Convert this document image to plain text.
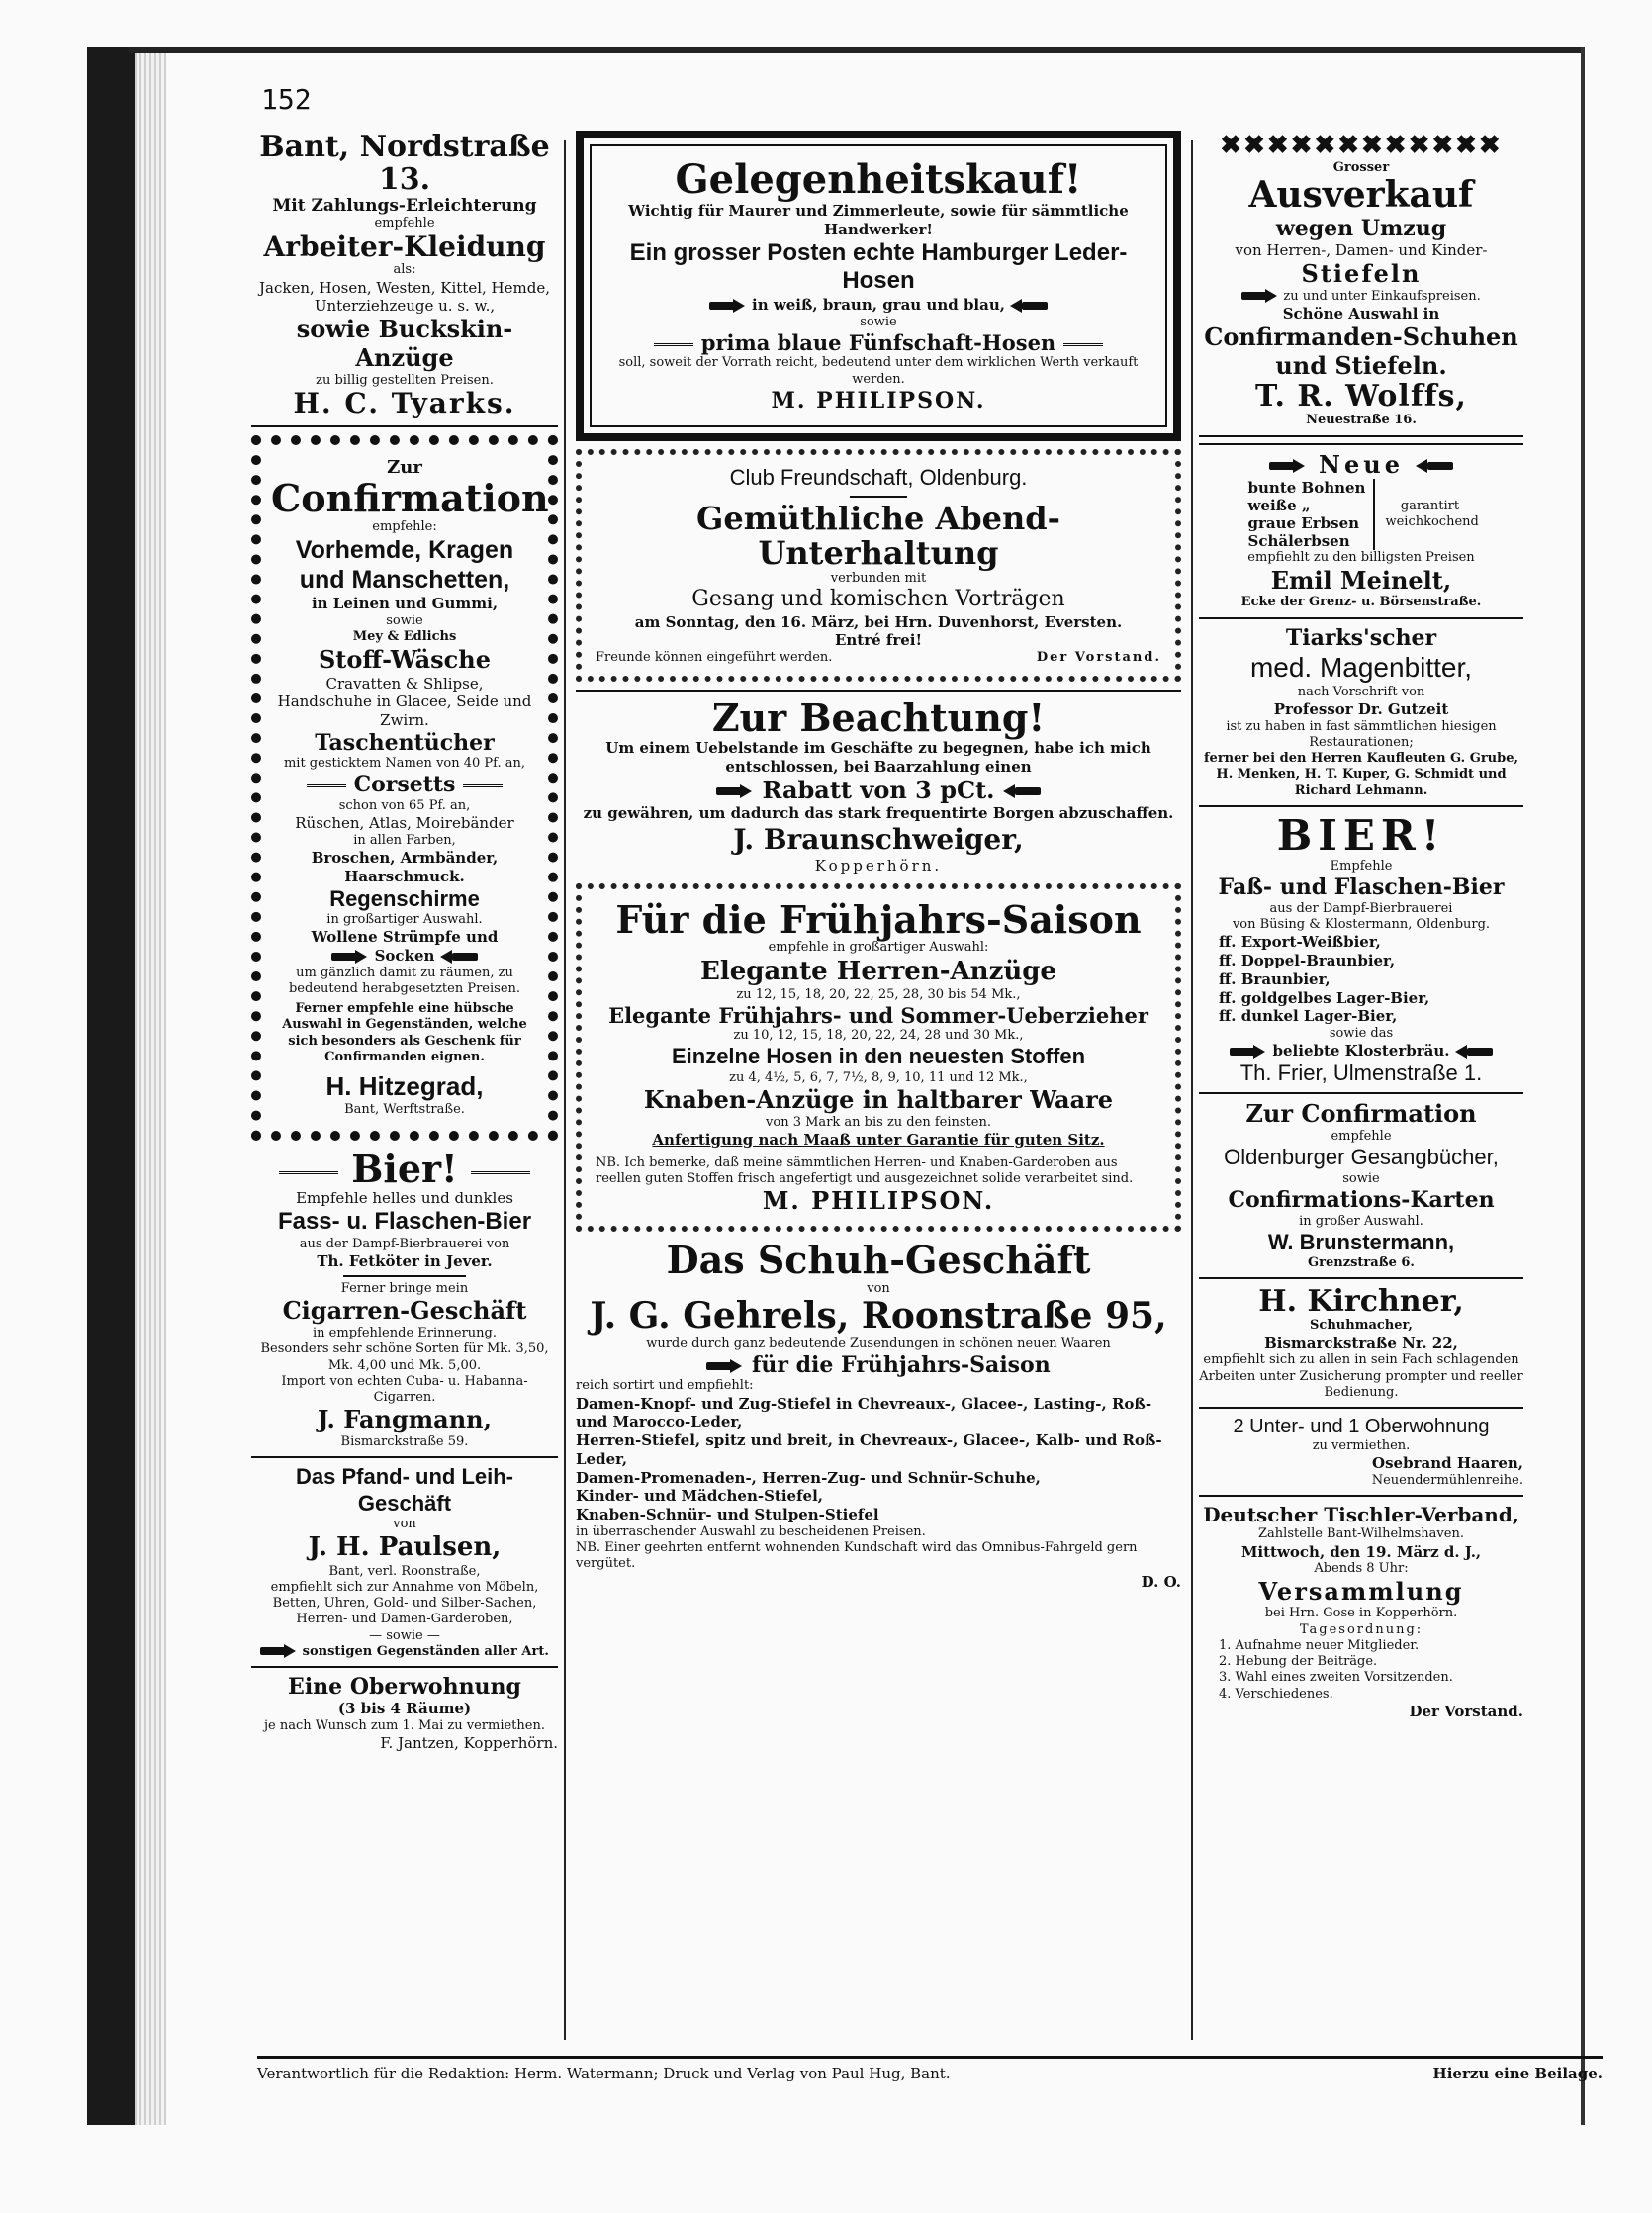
152
Bant, Nordstraße 13.
Mit Zahlungs-Erleichterung
empfehle
Arbeiter-Kleidung
als:
Jacken, Hosen, Westen, Kittel, Hemde,
Unterziehzeuge u. s. w.,
sowie Buckskin-Anzüge
zu billig gestellten Preisen.
H. C. Tyarks.
Zur
Confirmation
empfehle:
Vorhemde, Kragen und Manschetten,
in Leinen und Gummi,
sowie
Mey & Edlichs
Stoff-Wäsche
Cravatten & Shlipse,
Handschuhe in Glacee, Seide und Zwirn.
Taschentücher
mit gesticktem Namen von 40 Pf. an,
Corsetts
schon von 65 Pf. an,
Rüschen, Atlas, Moirebänder
in allen Farben,
Broschen, Armbänder, Haarschmuck.
Regenschirme
in großartiger Auswahl.
Wollene Strümpfe und
Socken
um gänzlich damit zu räumen, zu bedeutend herabgesetzten Preisen.
Ferner empfehle eine hübsche Auswahl in Gegenständen, welche sich besonders als Geschenk für Confirmanden eignen.
H. Hitzegrad,
Bant, Werftstraße.
Bier!
Empfehle helles und dunkles
Fass- u. Flaschen-Bier
aus der Dampf-Bierbrauerei von
Th. Fetköter in Jever.
Ferner bringe mein
Cigarren-Geschäft
in empfehlende Erinnerung.
Besonders sehr schöne Sorten für Mk. 3,50, Mk. 4,00 und Mk. 5,00.
Import von echten Cuba- u. Habanna-Cigarren.
J. Fangmann,
Bismarckstraße 59.
Das Pfand- und Leih-Geschäft
von
J. H. Paulsen,
Bant, verl. Roonstraße,
empfiehlt sich zur Annahme von Möbeln, Betten, Uhren, Gold- und Silber-Sachen, Herren- und Damen-Garderoben,
— sowie —
sonstigen Gegenständen aller Art.
Eine Oberwohnung
(3 bis 4 Räume)
je nach Wunsch zum 1. Mai zu vermiethen.
F. Jantzen, Kopperhörn.
Gelegenheitskauf!
Wichtig für Maurer und Zimmerleute, sowie für sämmtliche Handwerker!
Ein grosser Posten echte Hamburger Leder-Hosen
in weiß, braun, grau und blau,
sowie
prima blaue Fünfschaft-Hosen
soll, soweit der Vorrath reicht, bedeutend unter dem wirklichen Werth verkauft werden.
M. PHILIPSON.
Club Freundschaft, Oldenburg.
Gemüthliche Abend-Unterhaltung
verbunden mit
Gesang und komischen Vorträgen
am Sonntag, den 16. März, bei Hrn. Duvenhorst, Eversten.
Entré frei!
Freunde können eingeführt werden.	Der Vorstand.
Zur Beachtung!
Um einem Uebelstande im Geschäfte zu begegnen, habe ich mich entschlossen, bei Baarzahlung einen
Rabatt von 3 pCt.
zu gewähren, um dadurch das stark frequentirte Borgen abzuschaffen.
J. Braunschweiger,
Kopperhörn.
Für die Frühjahrs-Saison
empfehle in großartiger Auswahl:
Elegante Herren-Anzüge
zu 12, 15, 18, 20, 22, 25, 28, 30 bis 54 Mk.,
Elegante Frühjahrs- und Sommer-Ueberzieher
zu 10, 12, 15, 18, 20, 22, 24, 28 und 30 Mk.,
Einzelne Hosen in den neuesten Stoffen
zu 4, 4½, 5, 6, 7, 7½, 8, 9, 10, 11 und 12 Mk.,
Knaben-Anzüge in haltbarer Waare
von 3 Mark an bis zu den feinsten.
Anfertigung nach Maaß unter Garantie für guten Sitz.
NB. Ich bemerke, daß meine sämmtlichen Herren- und Knaben-Garderoben aus reellen guten Stoffen frisch angefertigt und ausgezeichnet solide verarbeitet sind.
M. PHILIPSON.
Das Schuh-Geschäft
von
J. G. Gehrels, Roonstraße 95,
wurde durch ganz bedeutende Zusendungen in schönen neuen Waaren
für die Frühjahrs-Saison
reich sortirt und empfiehlt:
Damen-Knopf- und Zug-Stiefel in Chevreaux-, Glacee-, Lasting-, Roß- und Marocco-Leder,
Herren-Stiefel, spitz und breit, in Chevreaux-, Glacee-, Kalb- und Roß-Leder,
Damen-Promenaden-, Herren-Zug- und Schnür-Schuhe,
Kinder- und Mädchen-Stiefel,
Knaben-Schnür- und Stulpen-Stiefel
in überraschender Auswahl zu bescheidenen Preisen.
NB. Einer geehrten entfernt wohnenden Kundschaft wird das Omnibus-Fahrgeld gern vergütet.
D. O.
✖✖✖✖✖✖✖✖✖✖✖✖
Grosser
Ausverkauf
wegen Umzug
von Herren-, Damen- und Kinder-
Stiefeln
zu und unter Einkaufspreisen.
Schöne Auswahl in
Confirmanden-Schuhen und Stiefeln.
T. R. Wolffs,
Neuestraße 16.
Neue
bunte Bohnen
weiße „
graue Erbsen
Schälerbsen
garantirt weichkochend
empfiehlt zu den billigsten Preisen
Emil Meinelt,
Ecke der Grenz- u. Börsenstraße.
Tiarks'scher
med. Magenbitter,
nach Vorschrift von
Professor Dr. Gutzeit
ist zu haben in fast sämmtlichen hiesigen Restaurationen;
ferner bei den Herren Kaufleuten G. Grube, H. Menken, H. T. Kuper, G. Schmidt und Richard Lehmann.
BIER!
Empfehle
Faß- und Flaschen-Bier
aus der Dampf-Bierbrauerei
von Büsing & Klostermann, Oldenburg.
ff. Export-Weißbier,
ff. Doppel-Braunbier,
ff. Braunbier,
ff. goldgelbes Lager-Bier,
ff. dunkel Lager-Bier,
sowie das
beliebte Klosterbräu.
Th. Frier, Ulmenstraße 1.
Zur Confirmation
empfehle
Oldenburger Gesangbücher,
sowie
Confirmations-Karten
in großer Auswahl.
W. Brunstermann,
Grenzstraße 6.
H. Kirchner,
Schuhmacher,
Bismarckstraße Nr. 22,
empfiehlt sich zu allen in sein Fach schlagenden Arbeiten unter Zusicherung prompter und reeller Bedienung.
2 Unter- und 1 Oberwohnung
zu vermiethen.
Osebrand Haaren,
Neuendermühlenreihe.
Deutscher Tischler-Verband,
Zahlstelle Bant-Wilhelmshaven.
Mittwoch, den 19. März d. J.,
Abends 8 Uhr:
Versammlung
bei Hrn. Gose in Kopperhörn.
Tagesordnung:
1. Aufnahme neuer Mitglieder.
2. Hebung der Beiträge.
3. Wahl eines zweiten Vorsitzenden.
4. Verschiedenes.
Der Vorstand.
Verantwortlich für die Redaktion: Herm. Watermann; Druck und Verlag von Paul Hug, Bant.	Hierzu eine Beilage.
